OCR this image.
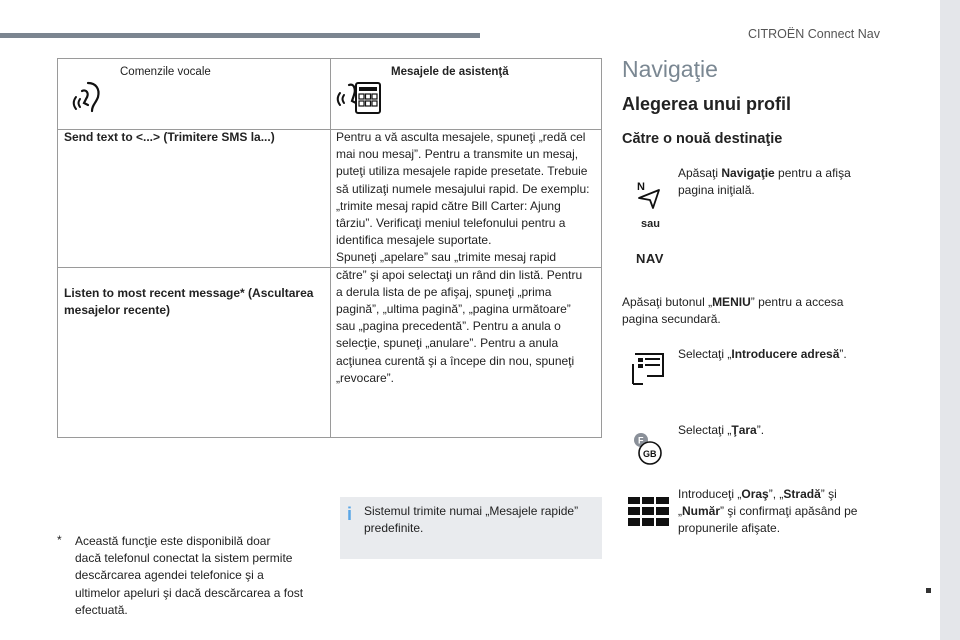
CITROËN Connect Nav
11
Comenzile vocale	Mesajele de asistenţă
Send text to <...> (Trimitere SMS la...)
Listen to most recent message* (Ascultarea mesajelor recente)
Pentru a vă asculta mesajele, spuneţi „redă cel
mai nou mesaj”. Pentru a transmite un mesaj,
puteţi utiliza mesajele rapide presetate. Trebuie
să utilizaţi numele mesajului rapid. De exemplu:
„trimite mesaj rapid către Bill Carter: Ajung
târziu”. Verificaţi meniul telefonului pentru a
identifica mesajele suportate.
Spuneţi „apelare” sau „trimite mesaj rapid
către” şi apoi selectaţi un rând din listă. Pentru
a derula lista de pe afişaj, spuneţi „prima
pagină”, „ultima pagină”, „pagina următoare”
sau „pagina precedentă”. Pentru a anula o
selecţie, spuneţi „anulare”. Pentru a anula
acţiunea curentă şi a începe din nou, spuneţi
„revocare”.
* Această funcţie este disponibilă doar
dacă telefonul conectat la sistem permite
descărcarea agendei telefonice şi a
ultimelor apeluri şi dacă descărcarea a fost
efectuată.
i Sistemul trimite numai „Mesajele rapide”
predefinite.
Navigaţie
Alegerea unui profil
Către o nouă destinaţie
N
sau
NAV
Apăsaţi Navigaţie pentru a afişa
pagina iniţială.
Apăsaţi butonul „MENIU” pentru a accesa
pagina secundară.
Selectaţi „Introducere adresă”.
F
GB
Selectaţi „Ţara”.
Introduceţi „Oraş”, „Stradă” şi
„Număr” şi confirmaţi apăsând pe
propunerile afişate.
